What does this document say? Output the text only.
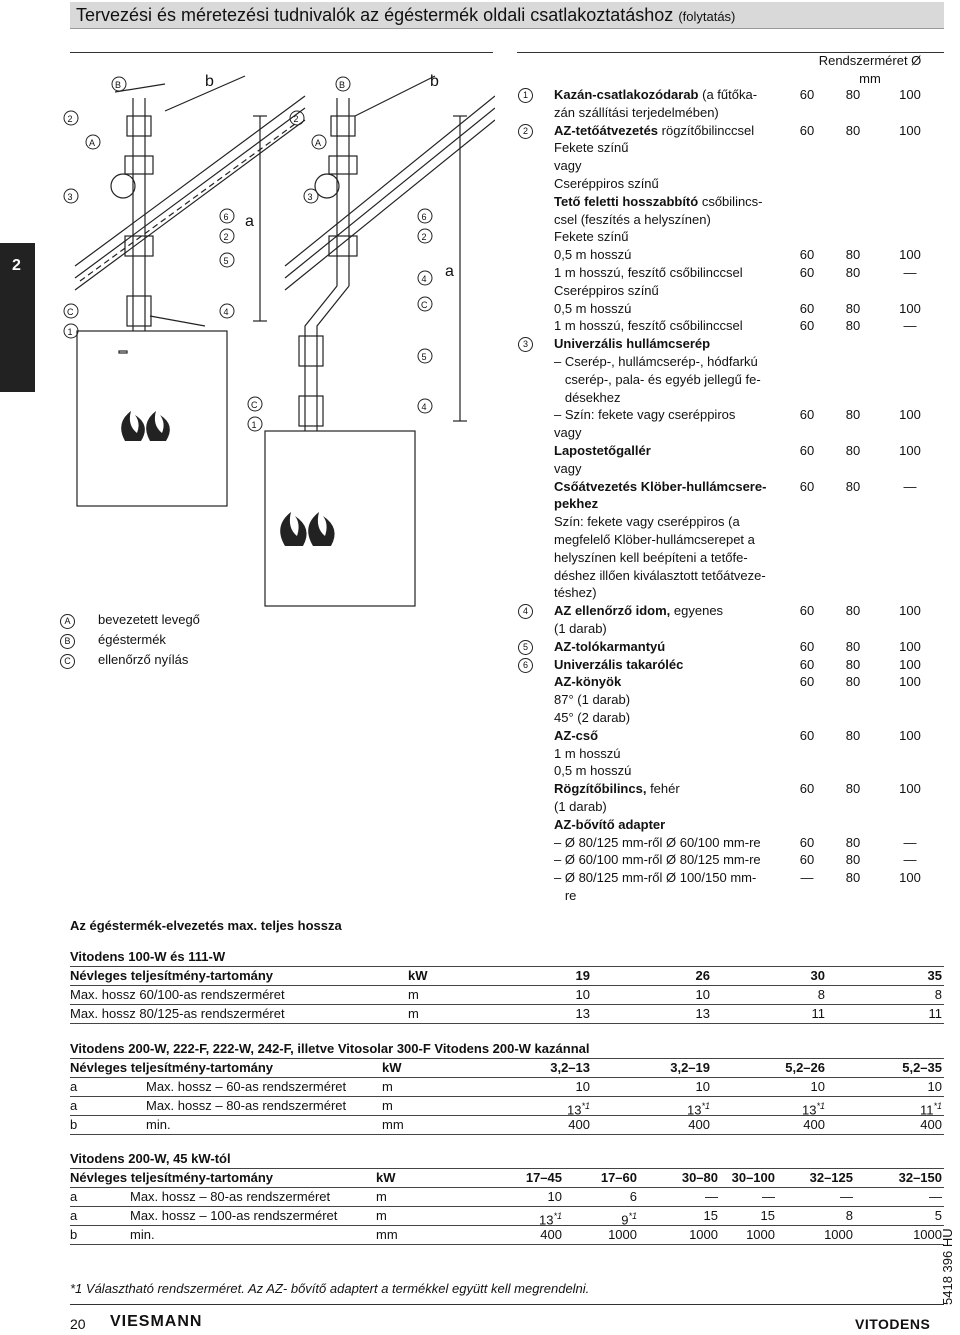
Tervezési és méretezési tudnivalók az égéstermék oldali csatlakoztatáshoz (folytatás)
2
B	b
2
A
3
6
2
5
a
C
1
4
C
1
B	b
2
A
3
6
2
4
C
5
4
a
A	bevezetett levegő
B	égéstermék
C	ellenőrző nyílás
Rendszerméret Ø
mm
1	Kazán-csatlakozódarab (a fűtőka-	60	80	100
zán szállítási terjedelmében)
2	AZ-tetőátvezetés rögzítőbilinccsel	60	80	100
Fekete színű
vagy
Cseréppiros színű
Tető feletti hosszabbító csőbilincs-
csel (feszítés a helyszínen)
Fekete színű
0,5 m hosszú	60	80	100
1 m hosszú, feszítő csőbilinccsel	60	80	—
Cseréppiros színű
0,5 m hosszú	60	80	100
1 m hosszú, feszítő csőbilinccsel	60	80	—
3	Univerzális hullámcserép
– Cserép-, hullámcserép-, hódfarkú
cserép-, pala- és egyéb jellegű fe-
désekhez
– Szín: fekete vagy cseréppiros	60	80	100
vagy
Lapostetőgallér	60	80	100
vagy
Csőátvezetés Klöber-hullámcsere-	60	80	—
pekhez
Szín: fekete vagy cseréppiros (a
megfelelő Klöber-hullámcserepet a
helyszínen kell beépíteni a tetőfe-
déshez illően kiválasztott tetőátveze-
téshez)
4	AZ ellenőrző idom, egyenes	60	80	100
(1 darab)
5	AZ-tolókarmantyú	60	80	100
6	Univerzális takaróléc	60	80	100
AZ-könyök	60	80	100
87° (1 darab)
45° (2 darab)
AZ-cső	60	80	100
1 m hosszú
0,5 m hosszú
Rögzítőbilincs, fehér	60	80	100
(1 darab)
AZ-bővítő adapter
– Ø 80/125 mm-ről Ø 60/100 mm-re	60	80	—
– Ø 60/100 mm-ről Ø 80/125 mm-re	60	80	—
– Ø 80/125 mm-ről Ø 100/150 mm-	—	80	100
re
Az égéstermék-elvezetés max. teljes hossza
Vitodens 100-W és 111-W
Névleges teljesítmény-tartomány	kW	19	26	30	35
Max. hossz 60/100-as rendszerméret	m	10	10	8	8
Max. hossz 80/125-as rendszerméret	m	13	13	11	11
Vitodens 200-W, 222-F, 222-W, 242-F, illetve Vitosolar 300-F Vitodens 200-W kazánnal
Névleges teljesítmény-tartomány	kW	3,2–13	3,2–19	5,2–26	5,2–35
a	Max. hossz – 60-as rendszerméret	m	10	10	10	10
a	Max. hossz – 80-as rendszerméret	m	13$^{*1}$	13$^{*1}$	13$^{*1}$	11$^{*1}$
b	min.	mm	400	400	400	400
Vitodens 200-W, 45 kW-tól
Névleges teljesítmény-tartomány	kW	17–45	17–60	30–80	30–100	32–125	32–150
a	Max. hossz – 80-as rendszerméret	m	10	6	—	—	—	—
a	Max. hossz – 100-as rendszerméret	m	13$^{*1}$	9$^{*1}$	15	15	8	5
b	min.	mm	400	1000	1000	1000	1000	1000
*1 Választható rendszerméret. Az AZ- bővítő adaptert a termékkel együtt kell megrendelni.
20 VIESMANN	VITODENS
5418 396 HU
